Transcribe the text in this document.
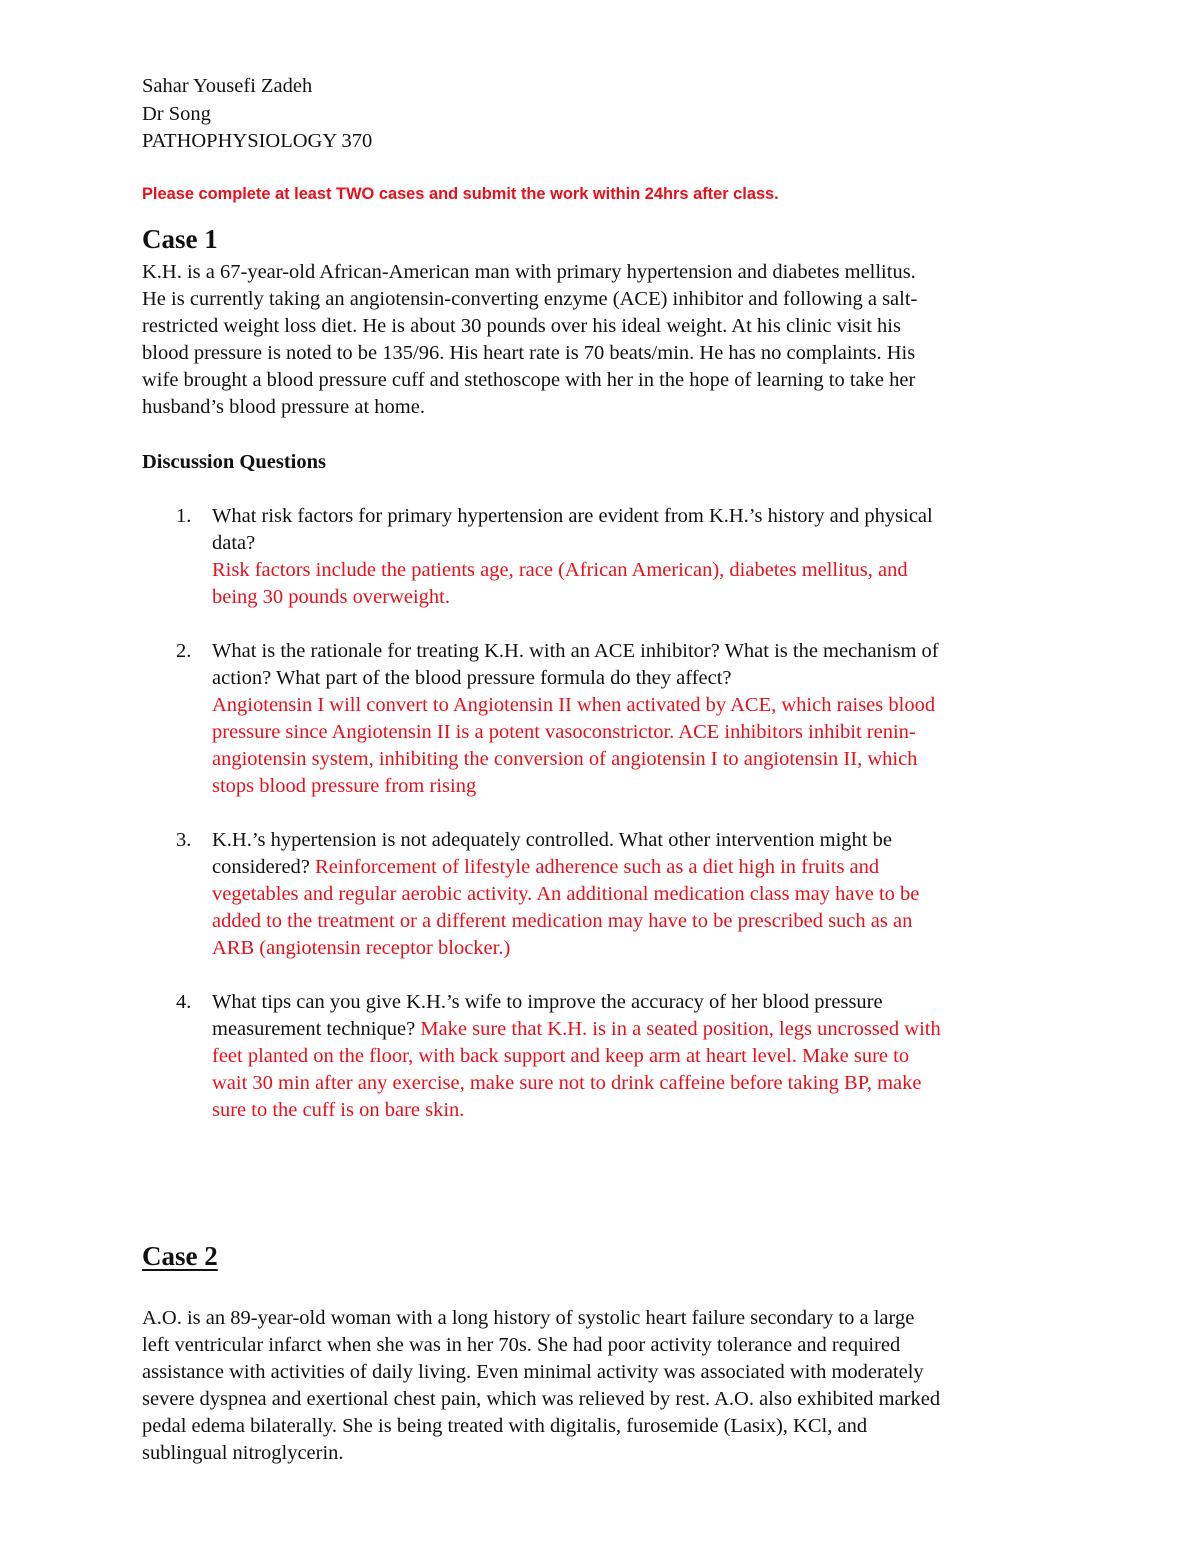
Sahar Yousefi Zadeh
Dr Song
PATHOPHYSIOLOGY 370
Please complete at least TWO cases and submit the work within 24hrs after class.
Case 1
K.H. is a 67-year-old African-American man with primary hypertension and diabetes mellitus.
He is currently taking an angiotensin-converting enzyme (ACE) inhibitor and following a salt-
restricted weight loss diet. He is about 30 pounds over his ideal weight. At his clinic visit his
blood pressure is noted to be 135/96. His heart rate is 70 beats/min. He has no complaints. His
wife brought a blood pressure cuff and stethoscope with her in the hope of learning to take her
husband’s blood pressure at home.
Discussion Questions
1. What risk factors for primary hypertension are evident from K.H.’s history and physical
data?
Risk factors include the patients age, race (African American), diabetes mellitus, and
being 30 pounds overweight.
2. What is the rationale for treating K.H. with an ACE inhibitor? What is the mechanism of
action? What part of the blood pressure formula do they affect?
Angiotensin I will convert to Angiotensin II when activated by ACE, which raises blood
pressure since Angiotensin II is a potent vasoconstrictor. ACE inhibitors inhibit renin-
angiotensin system, inhibiting the conversion of angiotensin I to angiotensin II, which
stops blood pressure from rising
3. K.H.’s hypertension is not adequately controlled. What other intervention might be
considered? Reinforcement of lifestyle adherence such as a diet high in fruits and
vegetables and regular aerobic activity. An additional medication class may have to be
added to the treatment or a different medication may have to be prescribed such as an
ARB (angiotensin receptor blocker.)
4. What tips can you give K.H.’s wife to improve the accuracy of her blood pressure
measurement technique? Make sure that K.H. is in a seated position, legs uncrossed with
feet planted on the floor, with back support and keep arm at heart level. Make sure to
wait 30 min after any exercise, make sure not to drink caffeine before taking BP, make
sure to the cuff is on bare skin.
Case 2
A.O. is an 89-year-old woman with a long history of systolic heart failure secondary to a large
left ventricular infarct when she was in her 70s. She had poor activity tolerance and required
assistance with activities of daily living. Even minimal activity was associated with moderately
severe dyspnea and exertional chest pain, which was relieved by rest. A.O. also exhibited marked
pedal edema bilaterally. She is being treated with digitalis, furosemide (Lasix), KCl, and
sublingual nitroglycerin.
